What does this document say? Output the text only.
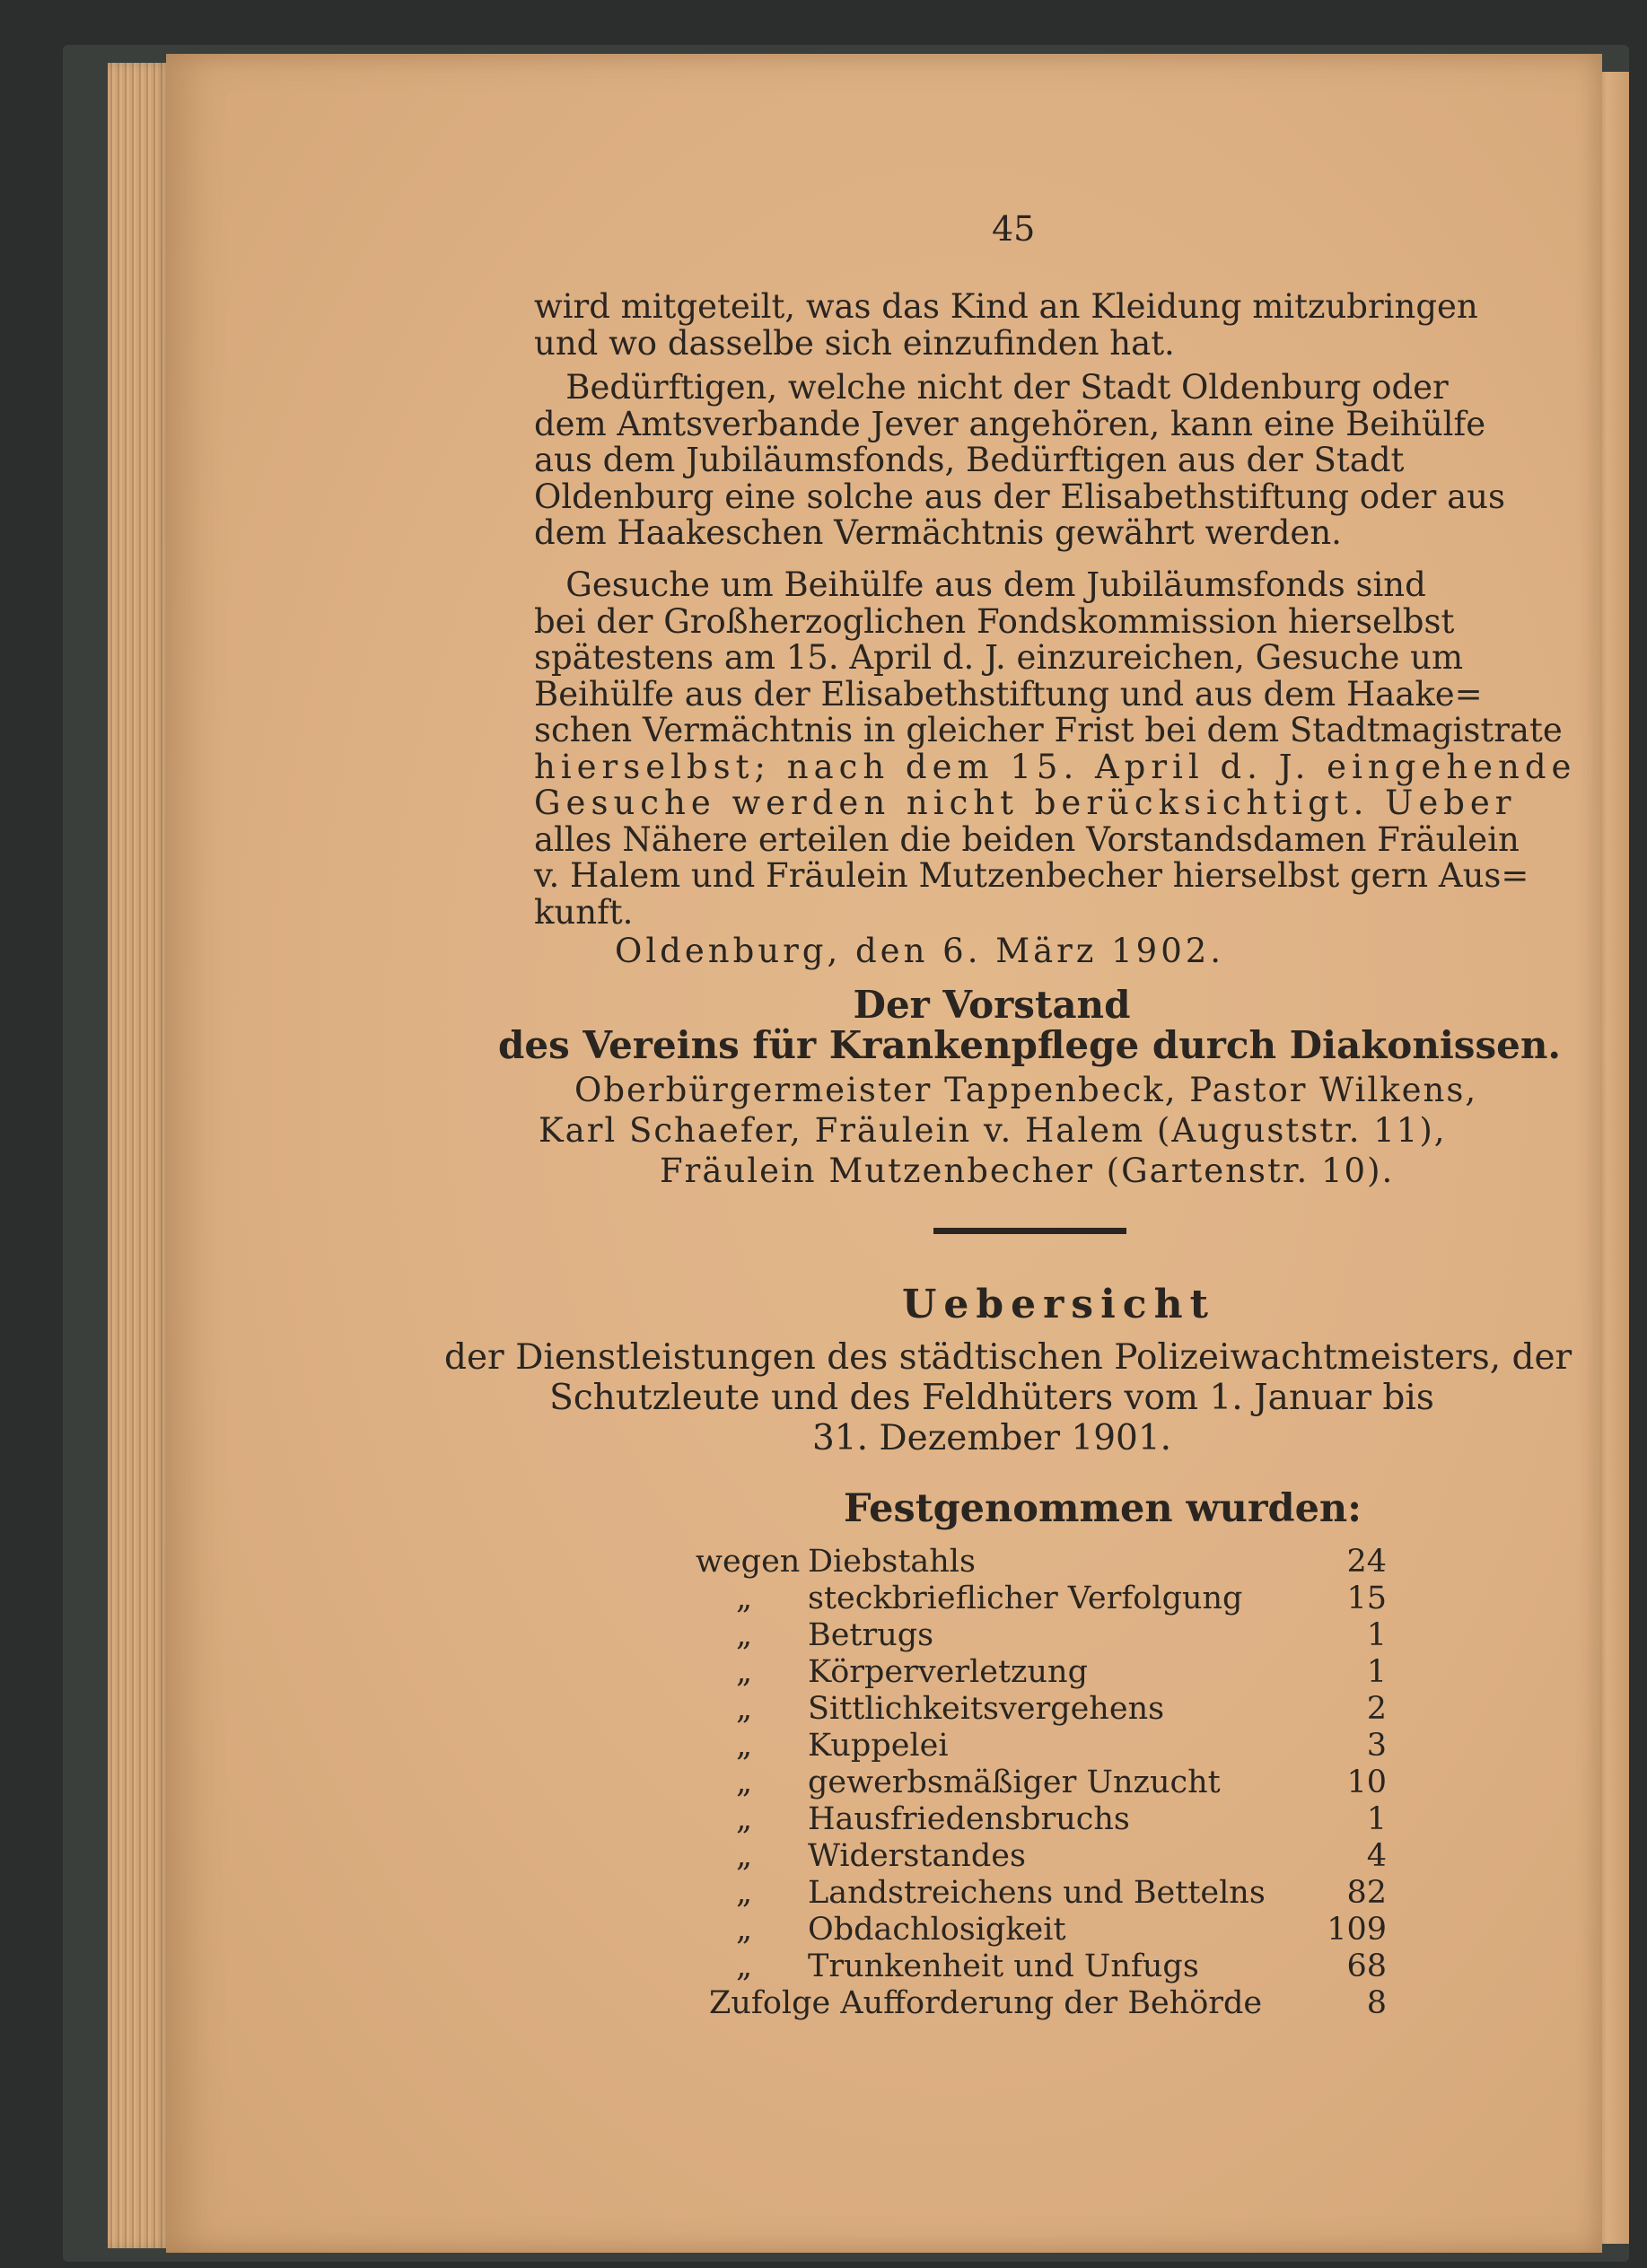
45
wird mitgeteilt, was das Kind an Kleidung mitzubringen
und wo dasselbe sich einzufinden hat.
Bedürftigen, welche nicht der Stadt Oldenburg oder
dem Amtsverbande Jever angehören, kann eine Beihülfe
aus dem Jubiläumsfonds, Bedürftigen aus der Stadt
Oldenburg eine solche aus der Elisabethstiftung oder aus
dem Haakeschen Vermächtnis gewährt werden.
Gesuche um Beihülfe aus dem Jubiläumsfonds sind
bei der Großherzoglichen Fondskommission hierselbst
spätestens am 15. April d. J. einzureichen, Gesuche um
Beihülfe aus der Elisabethstiftung und aus dem Haake=
schen Vermächtnis in gleicher Frist bei dem Stadtmagistrate
hierselbst; nach dem 15. April d. J. eingehende
Gesuche werden nicht berücksichtigt. Ueber
alles Nähere erteilen die beiden Vorstandsdamen Fräulein
v. Halem und Fräulein Mutzenbecher hierselbst gern Aus=
kunft.
Oldenburg, den 6. März 1902.
Der Vorstand
des Vereins für Krankenpflege durch Diakonissen.
Oberbürgermeister Tappenbeck, Pastor Wilkens,
Karl Schaefer, Fräulein v. Halem (Auguststr. 11),
Fräulein Mutzenbecher (Gartenstr. 10).
Uebersicht
der Dienstleistungen des städtischen Polizeiwachtmeisters, der
Schutzleute und des Feldhüters vom 1. Januar bis
31. Dezember 1901.
Festgenommen wurden:
wegen Diebstahls	24
„ steckbrieflicher Verfolgung	15
„ Betrugs	1
„ Körperverletzung	1
„ Sittlichkeitsvergehens	2
„ Kuppelei	3
„ gewerbsmäßiger Unzucht	10
„ Hausfriedensbruchs	1
„ Widerstandes	4
„ Landstreichens und Bettelns	82
„ Obdachlosigkeit	109
„ Trunkenheit und Unfugs	68
Zufolge Aufforderung der Behörde	8
